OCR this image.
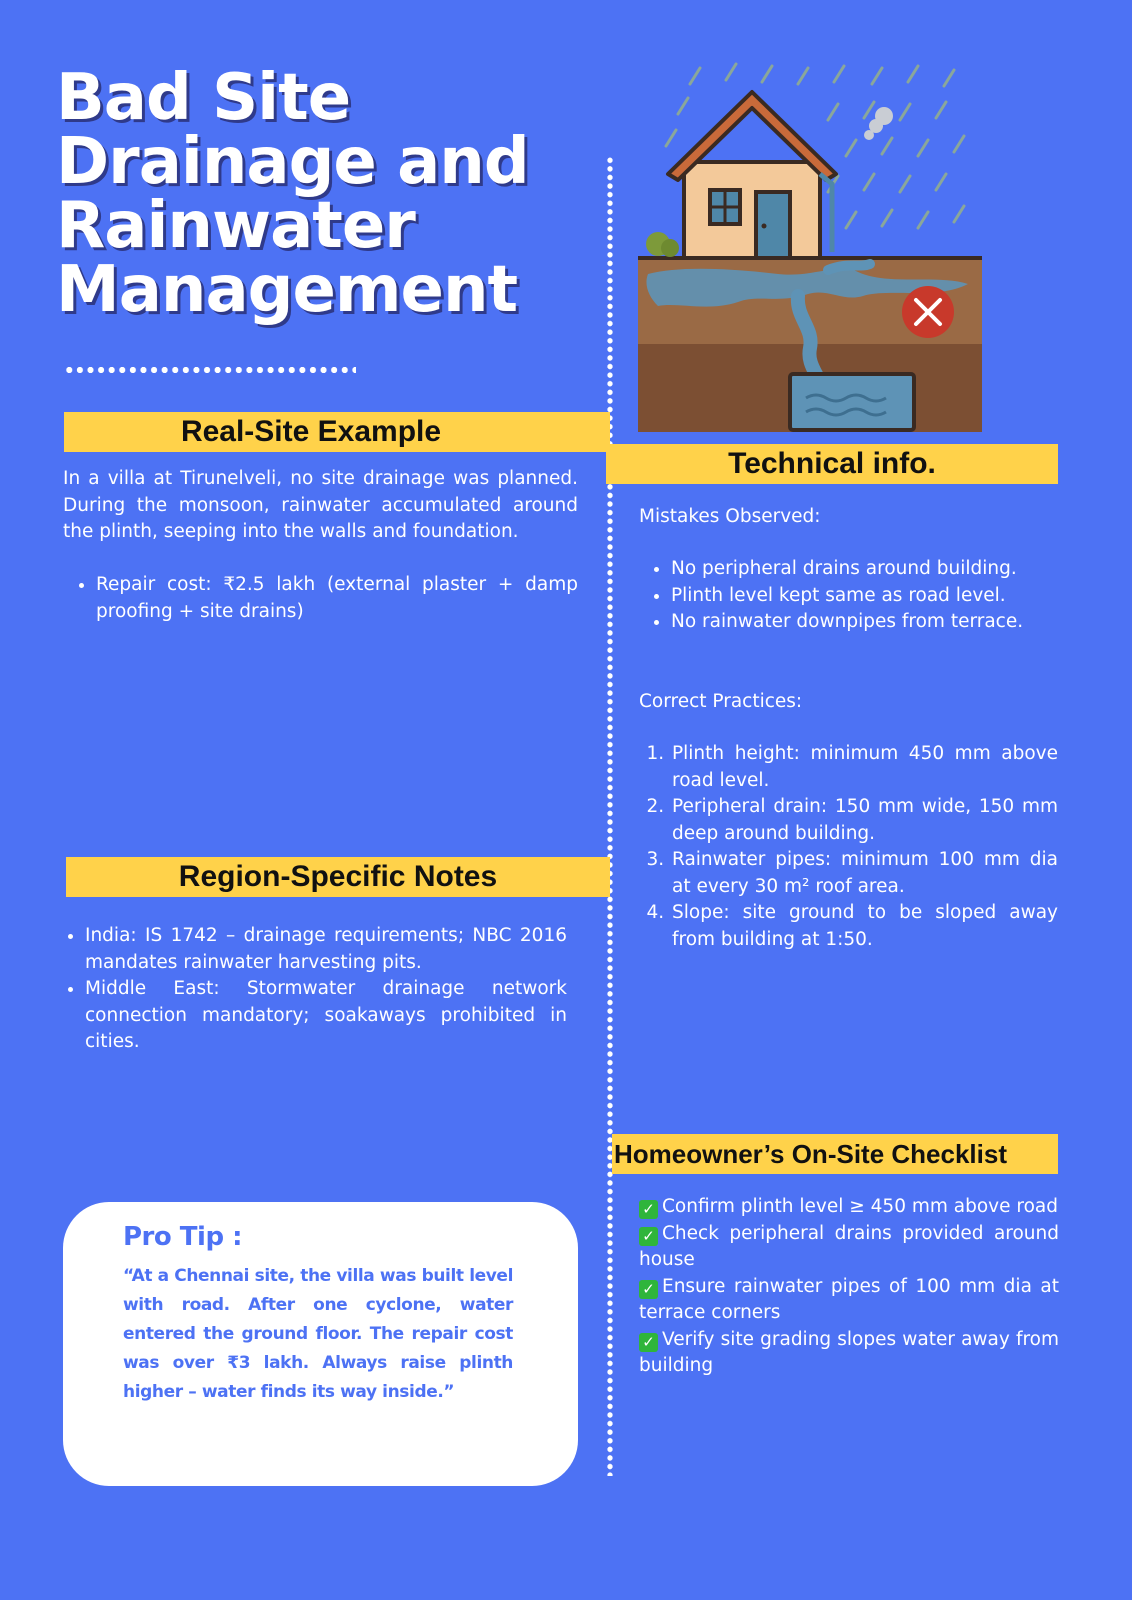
Bad Site
Drainage and
Rainwater
Management
Real-Site Example

In a villa at Tirunelveli, no site drainage was planned. During the monsoon, rainwater accumulated around the plinth, seeping into the walls and foundation.

• Repair cost: ₹2.5 lakh (external plaster + damp proofing + site drains)
Technical info.

Mistakes Observed:

• No peripheral drains around building.
• Plinth level kept same as road level.
• No rainwater downpipes from terrace.

Correct Practices:

1. Plinth height: minimum 450 mm above road level.
2. Peripheral drain: 150 mm wide, 150 mm deep around building.
3. Rainwater pipes: minimum 100 mm dia at every 30 m² roof area.
4. Slope: site ground to be sloped away from building at 1:50.
Region-Specific Notes
• India: IS 1742 – drainage requirements; NBC 2016 mandates rainwater harvesting pits.
• Middle East: Stormwater drainage network connection mandatory; soakaways prohibited in cities.
Homeowner’s On-Site Checklist
✓ Confirm plinth level ≥ 450 mm above road
✓ Check peripheral drains provided around house
✓ Ensure rainwater pipes of 100 mm dia at terrace corners
✓ Verify site grading slopes water away from building
Pro Tip :
“At a Chennai site, the villa was built level with road. After one cyclone, water entered the ground floor. The repair cost was over ₹3 lakh. Always raise plinth higher – water finds its way inside.”
